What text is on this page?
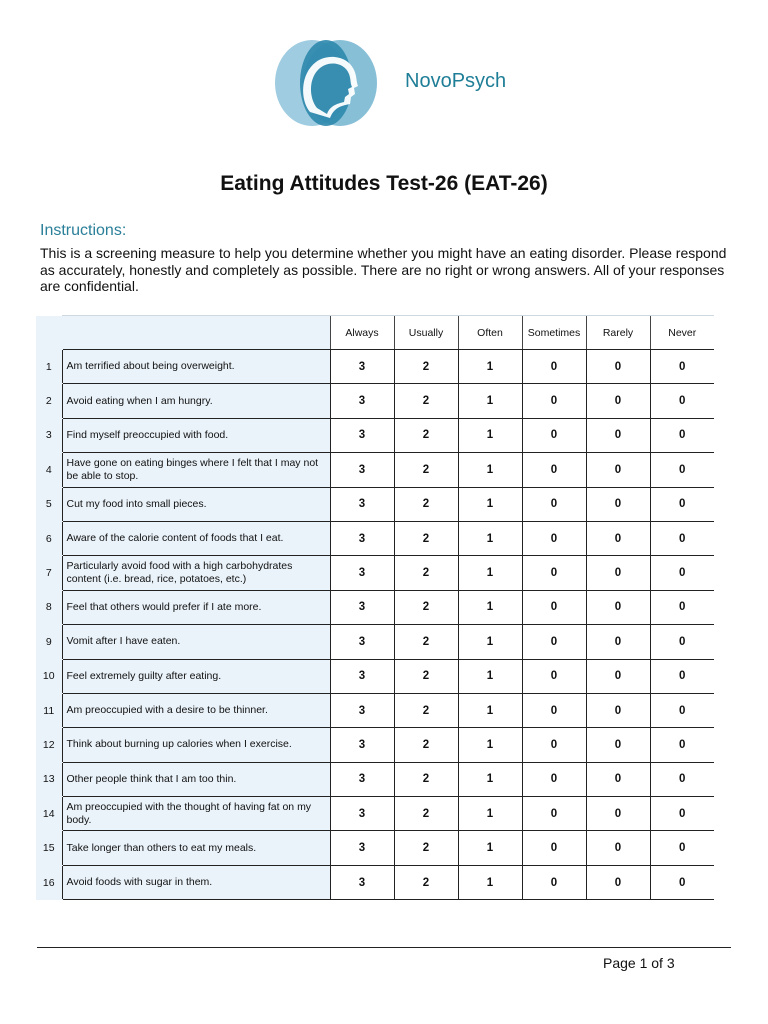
NovoPsych
Eating Attitudes Test-26 (EAT-26)
Instructions:
This is a screening measure to help you determine whether you might have an eating disorder. Please respond as accurately, honestly and completely as possible. There are no right or wrong answers. All of your responses are confidential.
		Always	Usually	Often	Sometimes	Rarely	Never
1	Am terrified about being overweight.	3	2	1	0	0	0
2	Avoid eating when I am hungry.	3	2	1	0	0	0
3	Find myself preoccupied with food.	3	2	1	0	0	0
4	Have gone on eating binges where I felt that I may not be able to stop.	3	2	1	0	0	0
5	Cut my food into small pieces.	3	2	1	0	0	0
6	Aware of the calorie content of foods that I eat.	3	2	1	0	0	0
7	Particularly avoid food with a high carbohydrates content (i.e. bread, rice, potatoes, etc.)	3	2	1	0	0	0
8	Feel that others would prefer if I ate more.	3	2	1	0	0	0
9	Vomit after I have eaten.	3	2	1	0	0	0
10	Feel extremely guilty after eating.	3	2	1	0	0	0
11	Am preoccupied with a desire to be thinner.	3	2	1	0	0	0
12	Think about burning up calories when I exercise.	3	2	1	0	0	0
13	Other people think that I am too thin.	3	2	1	0	0	0
14	Am preoccupied with the thought of having fat on my body.	3	2	1	0	0	0
15	Take longer than others to eat my meals.	3	2	1	0	0	0
16	Avoid foods with sugar in them.	3	2	1	0	0	0
Page 1 of 3
